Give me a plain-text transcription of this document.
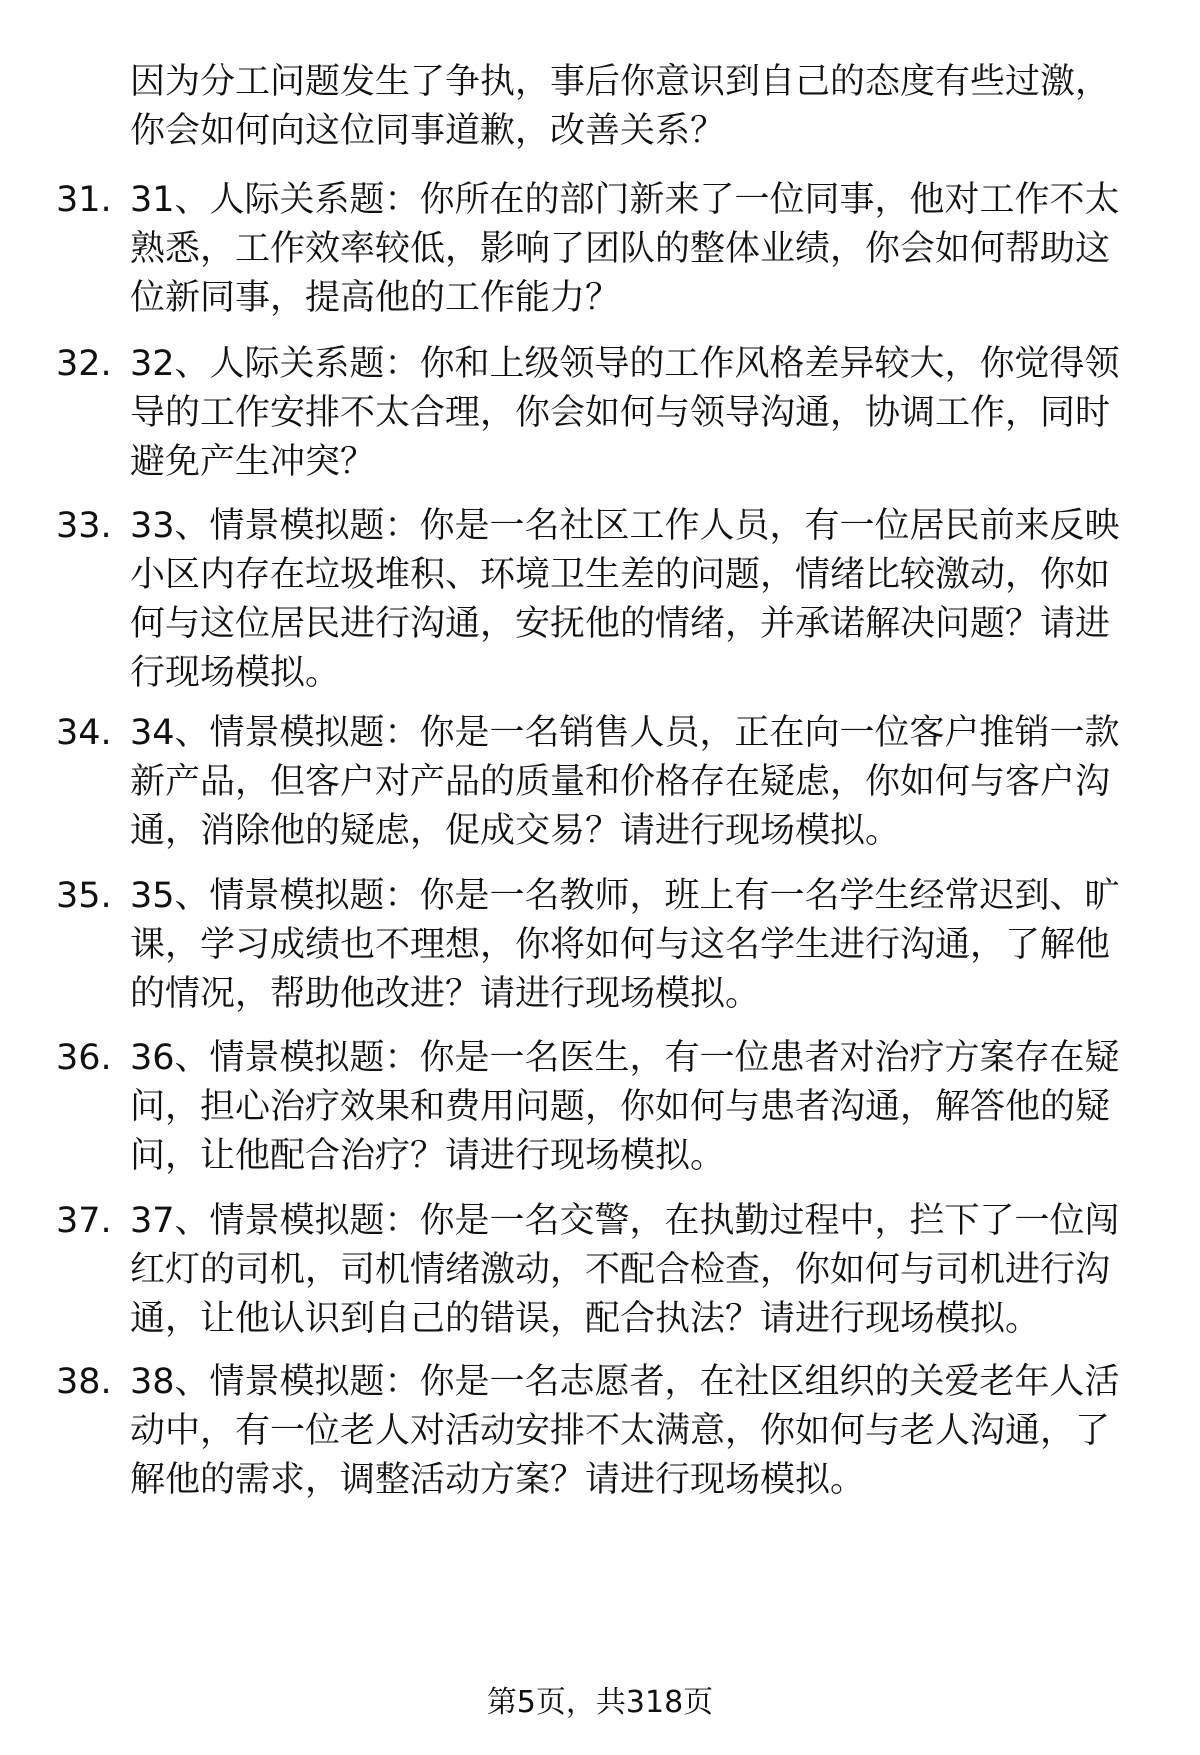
因为分工问题发生了争执，事后你意识到自己的态度有些过激，你会如何向这位同事道歉，改善关系？
31. 31、人际关系题：你所在的部门新来了一位同事，他对工作不太熟悉，工作效率较低，影响了团队的整体业绩，你会如何帮助这位新同事，提高他的工作能力？
32. 32、人际关系题：你和上级领导的工作风格差异较大，你觉得领导的工作安排不太合理，你会如何与领导沟通，协调工作，同时避免产生冲突？
33. 33、情景模拟题：你是一名社区工作人员，有一位居民前来反映小区内存在垃圾堆积、环境卫生差的问题，情绪比较激动，你如何与这位居民进行沟通，安抚他的情绪，并承诺解决问题？请进行现场模拟。
34. 34、情景模拟题：你是一名销售人员，正在向一位客户推销一款新产品，但客户对产品的质量和价格存在疑虑，你如何与客户沟通，消除他的疑虑，促成交易？请进行现场模拟。
35. 35、情景模拟题：你是一名教师，班上有一名学生经常迟到、旷课，学习成绩也不理想，你将如何与这名学生进行沟通，了解他的情况，帮助他改进？请进行现场模拟。
36. 36、情景模拟题：你是一名医生，有一位患者对治疗方案存在疑问，担心治疗效果和费用问题，你如何与患者沟通，解答他的疑问，让他配合治疗？请进行现场模拟。
37. 37、情景模拟题：你是一名交警，在执勤过程中，拦下了一位闯红灯的司机，司机情绪激动，不配合检查，你如何与司机进行沟通，让他认识到自己的错误，配合执法？请进行现场模拟。
38. 38、情景模拟题：你是一名志愿者，在社区组织的关爱老年人活动中，有一位老人对活动安排不太满意，你如何与老人沟通，了解他的需求，调整活动方案？请进行现场模拟。
第5页，共318页
